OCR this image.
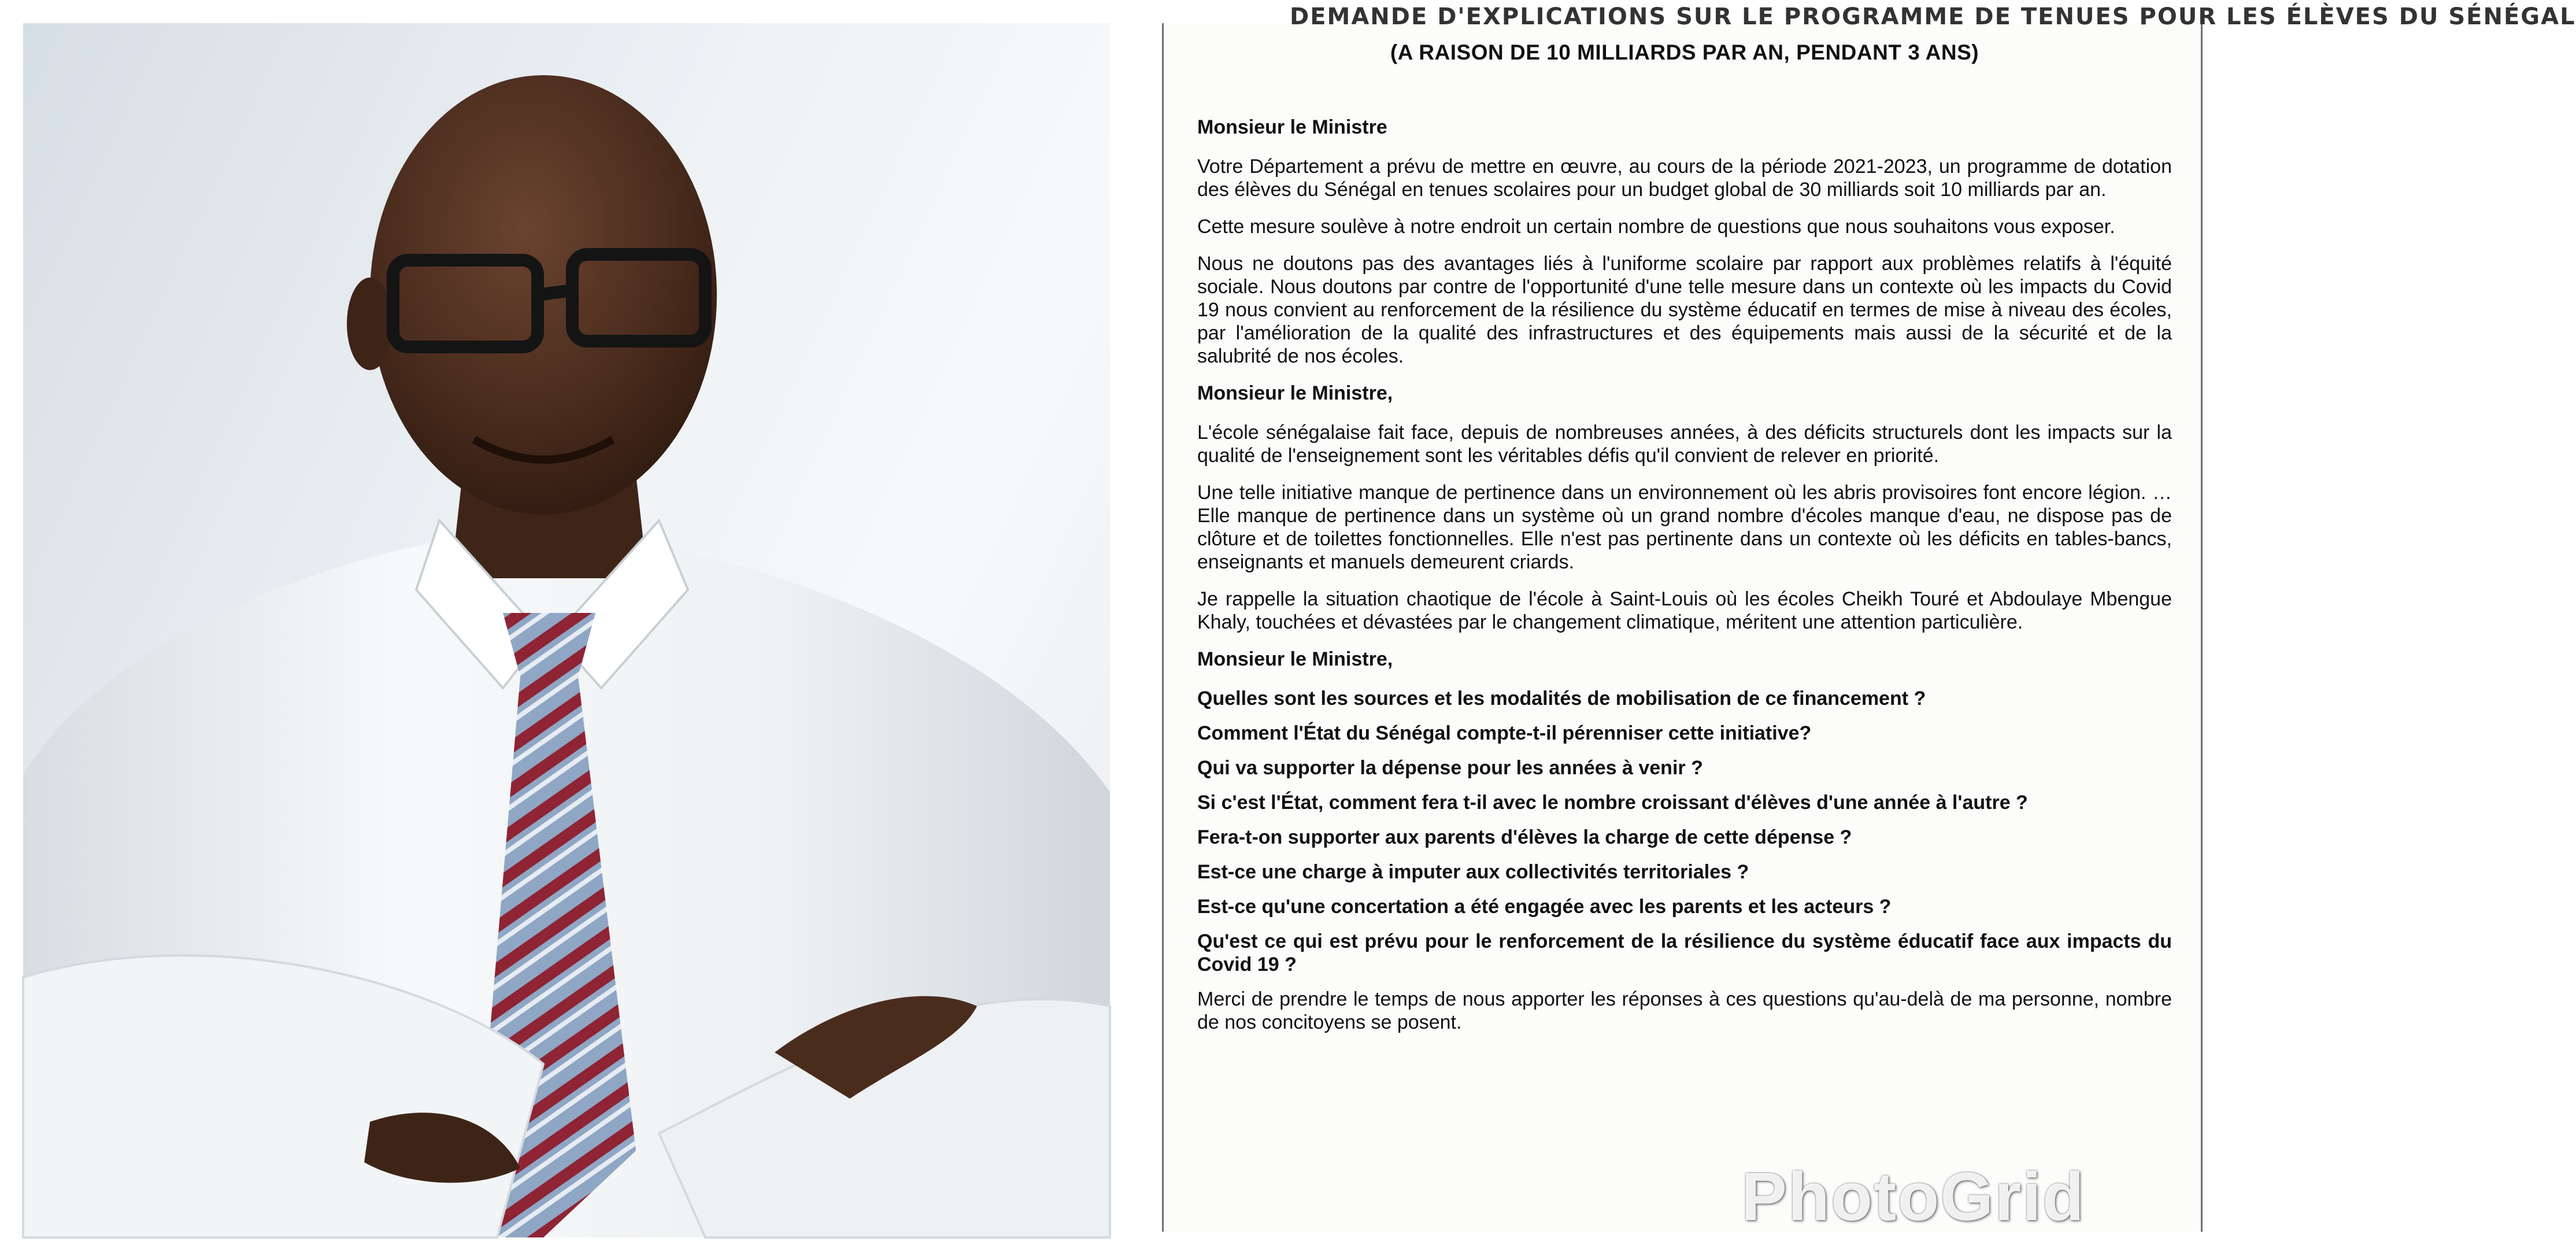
DEMANDE D'EXPLICATIONS SUR LE PROGRAMME DE TENUES POUR LES ÉLÈVES DU SÉNÉGAL
(A RAISON DE 10 MILLIARDS PAR AN, PENDANT 3 ANS)

Monsieur le Ministre

Votre Département a prévu de mettre en œuvre, au cours de la période 2021-2023, un programme de dotation des élèves du Sénégal en tenues scolaires pour un budget global de 30 milliards soit 10 milliards par an.

Cette mesure soulève à notre endroit un certain nombre de questions que nous souhaitons vous exposer.

Nous ne doutons pas des avantages liés à l'uniforme scolaire par rapport aux problèmes relatifs à l'équité sociale. Nous doutons par contre de l'opportunité d'une telle mesure dans un contexte où les impacts du Covid 19 nous convient au renforcement de la résilience du système éducatif en termes de mise à niveau des écoles, par l'amélioration de la qualité des infrastructures et des équipements mais aussi de la sécurité et de la salubrité de nos écoles.

Monsieur le Ministre,

L'école sénégalaise fait face, depuis de nombreuses années, à des déficits structurels dont les impacts sur la qualité de l'enseignement sont les véritables défis qu'il convient de relever en priorité.

Une telle initiative manque de pertinence dans un environnement où les abris provisoires font encore légion. … Elle manque de pertinence dans un système où un grand nombre d'écoles manque d'eau, ne dispose pas de clôture et de toilettes fonctionnelles. Elle n'est pas pertinente dans un contexte où les déficits en tables-bancs, enseignants et manuels demeurent criards.

Je rappelle la situation chaotique de l'école à Saint-Louis où les écoles Cheikh Touré et Abdoulaye Mbengue Khaly, touchées et dévastées par le changement climatique, méritent une attention particulière.

Monsieur le Ministre,

Quelles sont les sources et les modalités de mobilisation de ce financement ?

Comment l'État du Sénégal compte-t-il pérenniser cette initiative?

Qui va supporter la dépense pour les années à venir ?

Si c'est l'État, comment fera t-il avec le nombre croissant d'élèves d'une année à l'autre ?

Fera-t-on supporter aux parents d'élèves la charge de cette dépense ?

Est-ce une charge à imputer aux collectivités territoriales ?

Est-ce qu'une concertation a été engagée avec les parents et les acteurs ?

Qu'est ce qui est prévu pour le renforcement de la résilience du système éducatif face aux impacts du Covid 19 ?

Merci de prendre le temps de nous apporter les réponses à ces questions qu'au-delà de ma personne, nombre de nos concitoyens se posent.

PhotoGrid
